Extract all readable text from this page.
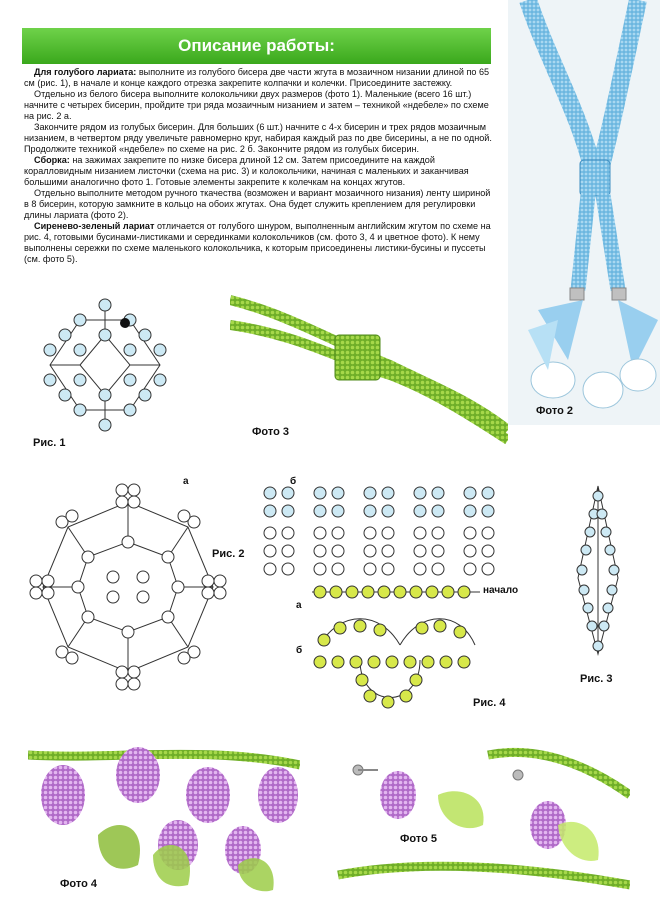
Описание работы:

Для голубого лариата: выполните из голубого бисера две части жгута в мозаичном низании длиной по 65 см (рис. 1), в начале и конце каждого отрезка закрепите колпачки и колечки. Присоедините застежку.

Отдельно из белого бисера выполните колокольчики двух размеров (фото 1). Маленькие (всего 16 шт.) начните с четырех бисерин, пройдите три ряда мозаичным низанием и затем – техникой «ндебеле» по схеме на рис. 2 а.

Закончите рядом из голубых бисерин. Для больших (6 шт.) начните с 4-х бисерин и трех рядов мозаичным низанием, в четвертом ряду увеличьте равномерно круг, набирая каждый раз по две бисерины, а не по одной. Продолжите техникой «ндебеле» по схеме на рис. 2 б. Закончите рядом из голубых бисерин.

Сборка: на зажимах закрепите по низке бисера длиной 12 см. Затем присоедините на каждой коралловидным низанием листочки (схема на рис. 3) и колокольчики, начиная с маленьких и заканчивая большими аналогично фото 1. Готовые элементы закрепите к колечкам на концах жгутов.

Отдельно выполните методом ручного ткачества (возможен и вариант мозаичного низания) ленту шириной в 8 бисерин, которую замкните в кольцо на обоих жгутах. Она будет служить креплением для регулировки длины лариата (фото 2).

Сиренево-зеленый лариат отличается от голубого шнуром, выполненным английским жгутом по схеме на рис. 4, готовыми бусинами-листиками и серединками колокольчиков (см. фото 3, 4 и цветное фото). К нему выполнены сережки по схеме маленького колокольчика, к которым присоединены листики-бусины и пуссеты (см. фото 5).

Фото 2
Рис. 1
Фото 3
а
Рис. 2
б
начало
а
б
Рис. 4
Рис. 3
Фото 4
Фото 5
